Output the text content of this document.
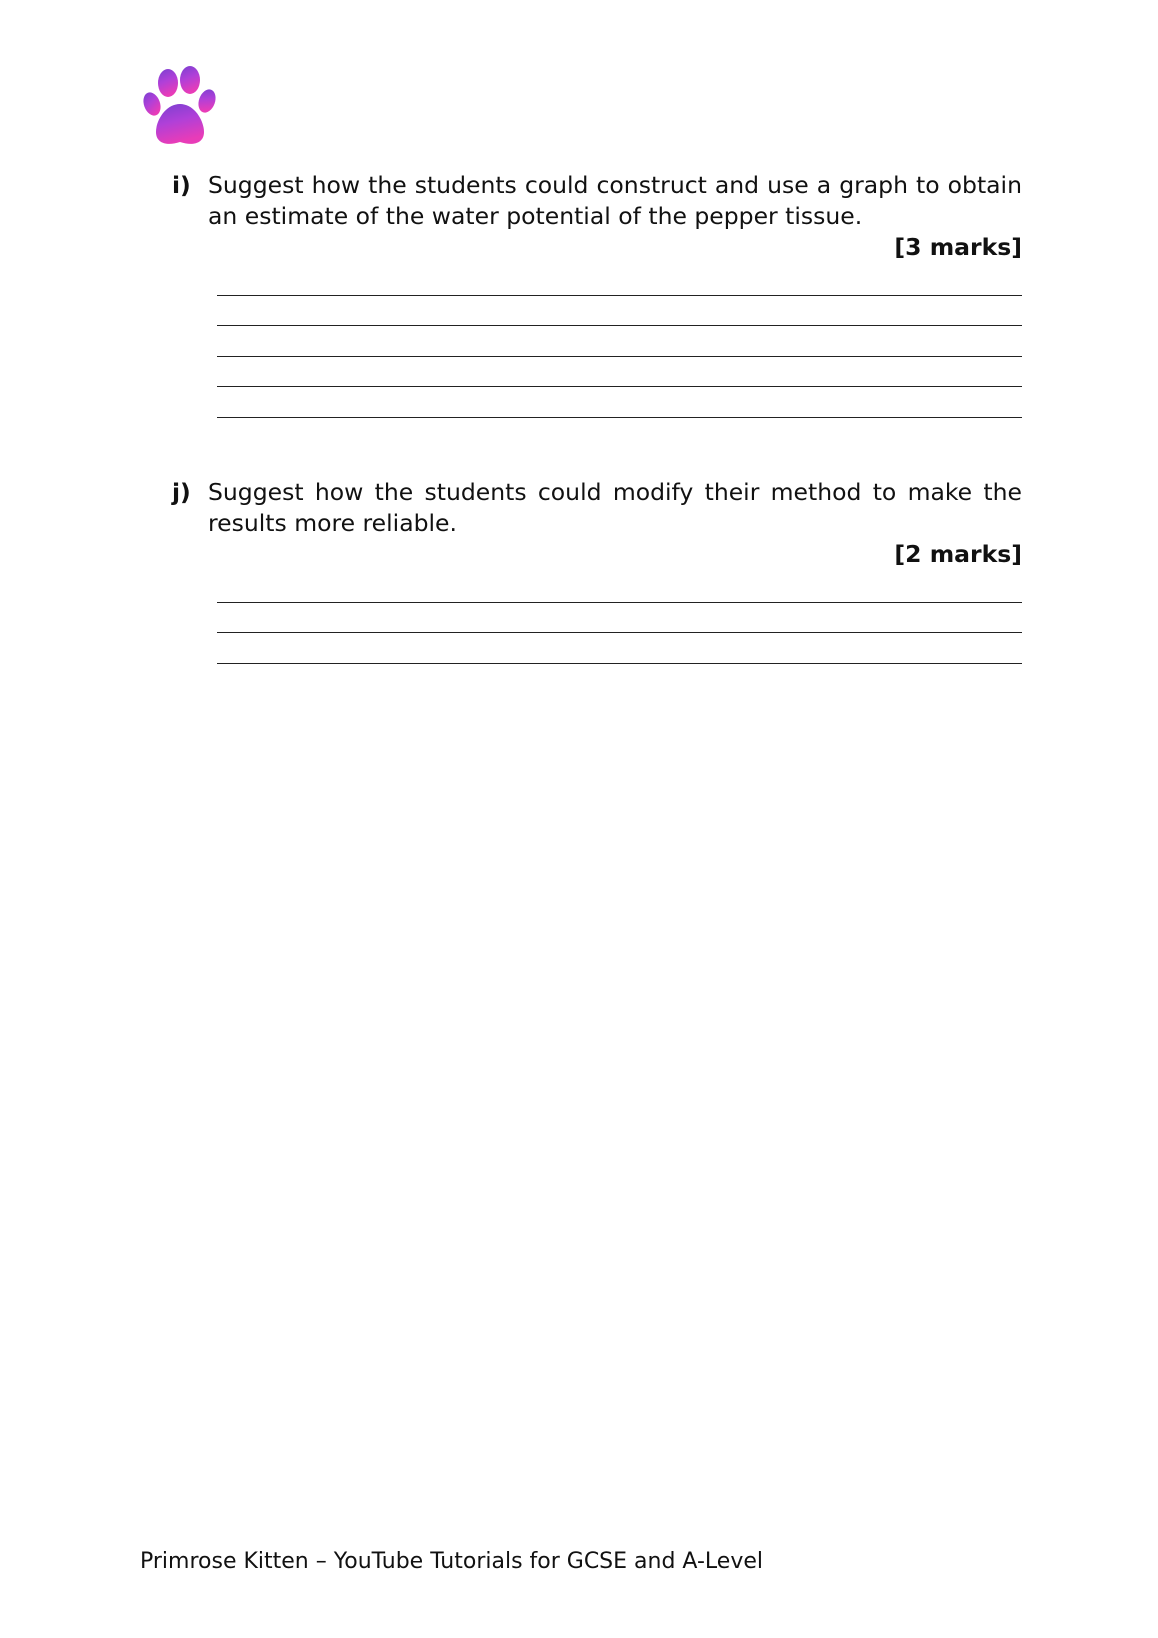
i) Suggest how the students could construct and use a graph to obtain an estimate of the water potential of the pepper tissue.
[3 marks]
j) Suggest how the students could modify their method to make the results more reliable.
[2 marks]
Primrose Kitten – YouTube Tutorials for GCSE and A-Level
